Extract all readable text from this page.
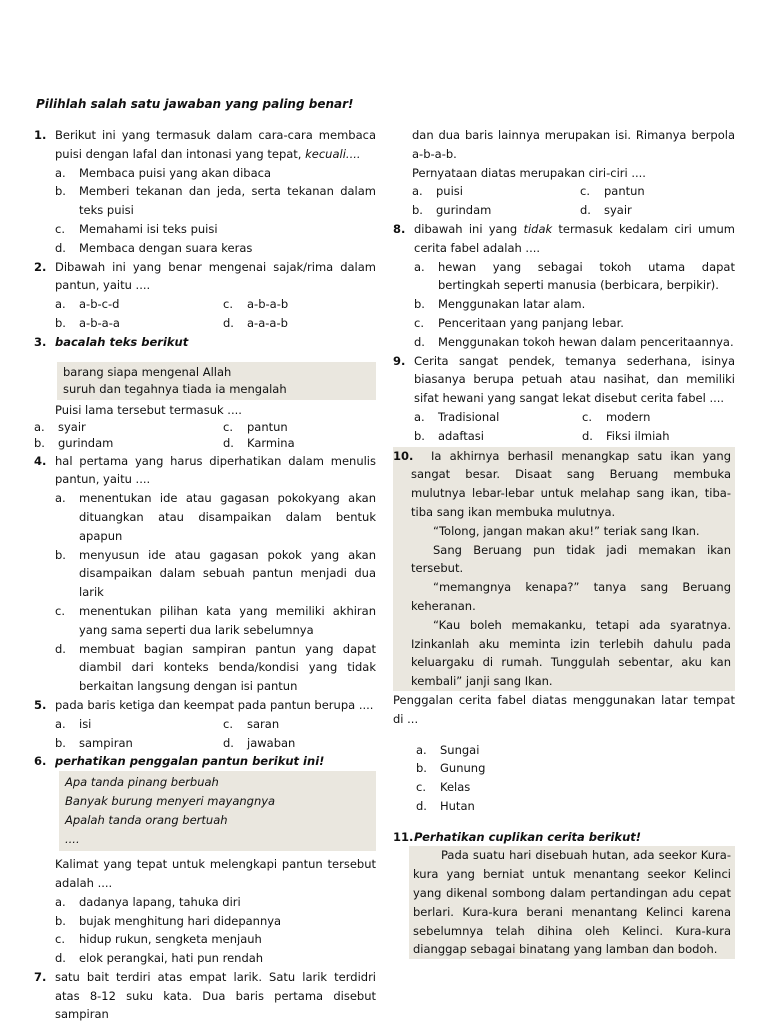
Pilihlah salah satu jawaban yang paling benar!
1. Berikut ini yang termasuk dalam cara-cara membaca puisi dengan lafal dan intonasi yang tepat, kecuali....
a. Membaca puisi yang akan dibaca
b. Memberi tekanan dan jeda, serta tekanan dalam teks puisi
c. Memahami isi teks puisi
d. Membaca dengan suara keras
2. Dibawah ini yang benar mengenai sajak/rima dalam pantun, yaitu ....
a. a-b-c-d	c. a-b-a-b
b. a-b-a-a	d. a-a-a-b
3. bacalah teks berikut
barang siapa mengenal Allah
suruh dan tegahnya tiada ia mengalah
Puisi lama tersebut termasuk ....
a. syair	c. pantun
b. gurindam	d. Karmina
4. hal pertama yang harus diperhatikan dalam menulis pantun, yaitu ....
a. menentukan ide atau gagasan pokokyang akan dituangkan atau disampaikan dalam bentuk apapun
b. menyusun ide atau gagasan pokok yang akan disampaikan dalam sebuah pantun menjadi dua larik
c. menentukan pilihan kata yang memiliki akhiran yang sama seperti dua larik sebelumnya
d. membuat bagian sampiran pantun yang dapat diambil dari konteks benda/kondisi yang tidak berkaitan langsung dengan isi pantun
5. pada baris ketiga dan keempat pada pantun berupa ....
a. isi	c. saran
b. sampiran	d. jawaban
6. perhatikan penggalan pantun berikut ini!
Apa tanda pinang berbuah
Banyak burung menyeri mayangnya
Apalah tanda orang bertuah
....
Kalimat yang tepat untuk melengkapi pantun tersebut adalah ....
a. dadanya lapang, tahuka diri
b. bujak menghitung hari didepannya
c. hidup rukun, sengketa menjauh
d. elok perangkai, hati pun rendah
7. satu bait terdiri atas empat larik. Satu larik terdidri atas 8-12 suku kata. Dua baris pertama disebut sampiran
dan dua baris lainnya merupakan isi. Rimanya berpola a-b-a-b.
Pernyataan diatas merupakan ciri-ciri ....
a. puisi	c. pantun
b. gurindam	d. syair
8. dibawah ini yang tidak termasuk kedalam ciri umum cerita fabel adalah ....
a. hewan yang sebagai tokoh utama dapat bertingkah seperti manusia (berbicara, berpikir).
b. Menggunakan latar alam.
c. Penceritaan yang panjang lebar.
d. Menggunakan tokoh hewan dalam penceritaannya.
9. Cerita sangat pendek, temanya sederhana, isinya biasanya berupa petuah atau nasihat, dan memiliki sifat hewani yang sangat lekat disebut cerita fabel ....
a. Tradisional	c. modern
b. adaftasi	d. Fiksi ilmiah
10.	Ia akhirnya berhasil menangkap satu ikan yang sangat besar. Disaat sang Beruang membuka mulutnya lebar-lebar untuk melahap sang ikan, tiba-tiba sang ikan membuka mulutnya.
“Tolong, jangan makan aku!” teriak sang Ikan.
Sang Beruang pun tidak jadi memakan ikan tersebut.
“memangnya kenapa?” tanya sang Beruang keheranan.
“Kau boleh memakanku, tetapi ada syaratnya. Izinkanlah aku meminta izin terlebih dahulu pada keluargaku di rumah. Tunggulah sebentar, aku kan kembali” janji sang Ikan.
Penggalan cerita fabel diatas menggunakan latar tempat di ...
a. Sungai
b. Gunung
c. Kelas
d. Hutan
11. Perhatikan cuplikan cerita berikut!
Pada suatu hari disebuah hutan, ada seekor Kura-kura yang berniat untuk menantang seekor Kelinci yang dikenal sombong dalam pertandingan adu cepat berlari. Kura-kura berani menantang Kelinci karena sebelumnya telah dihina oleh Kelinci. Kura-kura dianggap sebagai binatang yang lamban dan bodoh.
